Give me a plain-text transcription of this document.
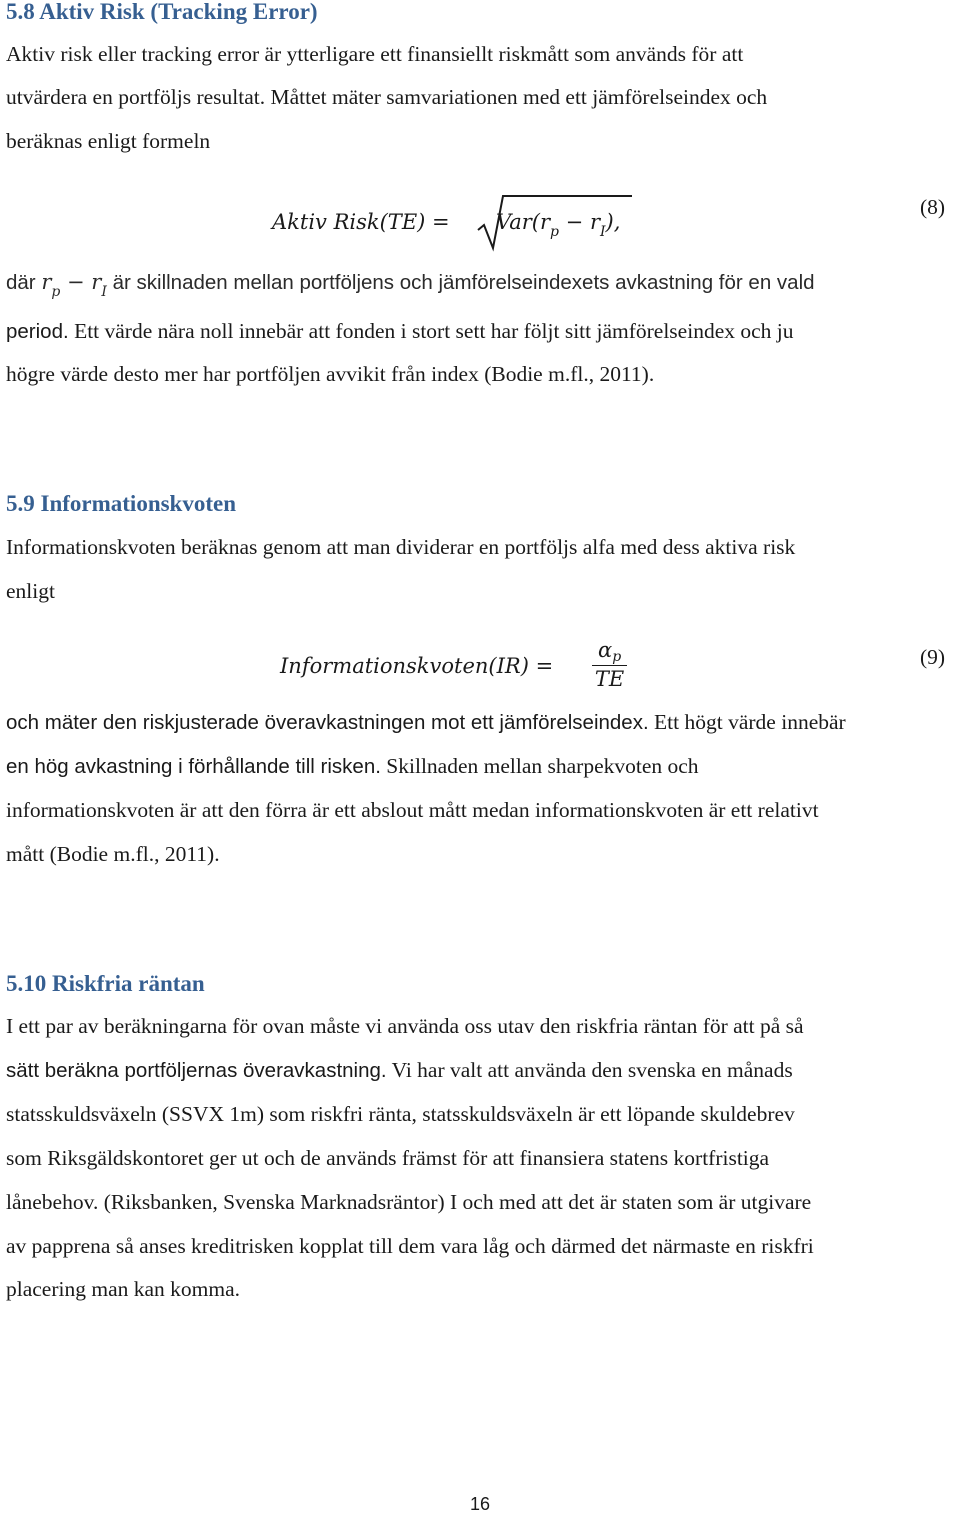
5.8 Aktiv Risk (Tracking Error)
Aktiv risk eller tracking error är ytterligare ett finansiellt riskmått som används för att
utvärdera en portföljs resultat. Måttet mäter samvariationen med ett jämförelseindex och
beräknas enligt formeln
Aktiv Risk(TE) = $Var(r_p - r_I)$,
(8)
där $r_p - r_I$ är skillnaden mellan portföljens och jämförelseindexets avkastning för en vald
period. Ett värde nära noll innebär att fonden i stort sett har följt sitt jämförelseindex och ju
högre värde desto mer har portföljen avvikit från index (Bodie m.fl., 2011).
5.9 Informationskvoten
Informationskvoten beräknas genom att man dividerar en portföljs alfa med dess aktiva risk
enligt
Informationskvoten(IR) = $\frac{\alpha p}{TE}$	(9)
och mäter den riskjusterade överavkastningen mot ett jämförelseindex. Ett högt värde innebär
en hög avkastning i förhållande till risken. Skillnaden mellan sharpekvoten och
informationskvoten är att den förra är ett abslout mått medan informationskvoten är ett relativt
mått (Bodie m.fl., 2011).
5.10 Riskfria räntan
I ett par av beräkningarna för ovan måste vi använda oss utav den riskfria räntan för att på så
sätt beräkna portföljernas överavkastning. Vi har valt att använda den svenska en månads
statsskuldsväxeln (SSVX 1m) som riskfri ränta, statsskuldsväxeln är ett löpande skuldebrev
som Riksgäldskontoret ger ut och de används främst för att finansiera statens kortfristiga
lånebehov. (Riksbanken, Svenska Marknadsräntor) I och med att det är staten som är utgivare
av papprena så anses kreditrisken kopplat till dem vara låg och därmed det närmaste en riskfri
placering man kan komma.
16
